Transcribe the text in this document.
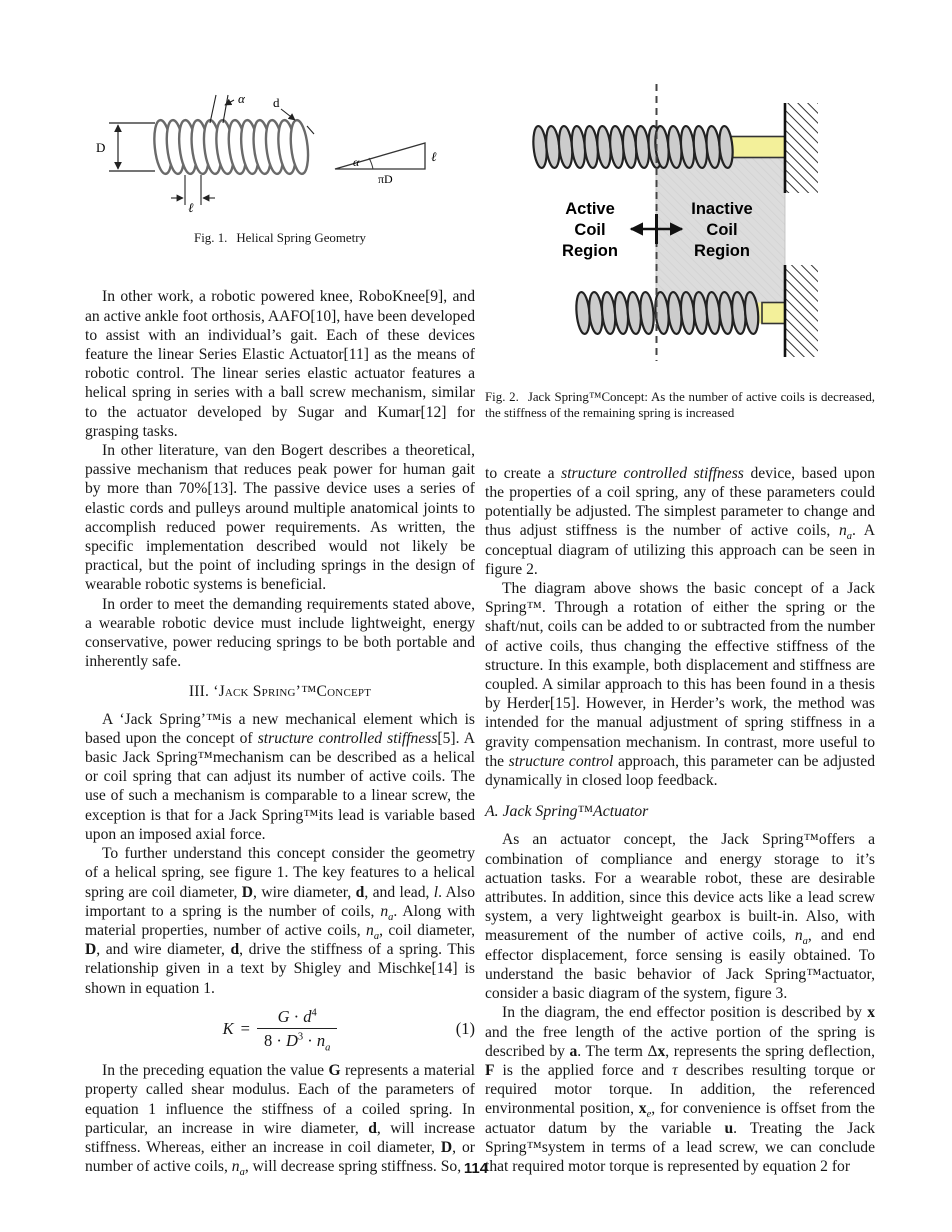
D
α d
ℓ
α
πD
ℓ

Fig. 1. Helical Spring Geometry

In other work, a robotic powered knee, RoboKnee[9], and an active ankle foot orthosis, AAFO[10], have been developed to assist with an individual’s gait. Each of these devices feature the linear Series Elastic Actuator[11] as the means of robotic control. The linear series elastic actuator features a helical spring in series with a ball screw mechanism, similar to the actuator developed by Sugar and Kumar[12] for grasping tasks.

In other literature, van den Bogert describes a theoretical, passive mechanism that reduces peak power for human gait by more than 70%[13]. The passive device uses a series of elastic cords and pulleys around multiple anatomical joints to accomplish reduced power requirements. As written, the specific implementation described would not likely be practical, but the point of including springs in the design of wearable robotic systems is beneficial.

In order to meet the demanding requirements stated above, a wearable robotic device must include lightweight, energy conservative, power reducing springs to be both portable and inherently safe.

III. ‘Jack Spring’™Concept

A ‘Jack Spring’™is a new mechanical element which is based upon the concept of structure controlled stiffness[5]. A basic Jack Spring™mechanism can be described as a helical or coil spring that can adjust its number of active coils. The use of such a mechanism is comparable to a linear screw, the exception is that for a Jack Spring™its lead is variable based upon an imposed axial force.

To further understand this concept consider the geometry of a helical spring, see figure 1. The key features to a helical spring are coil diameter, D, wire diameter, d, and lead, l. Also important to a spring is the number of coils, $n_a$. Along with material properties, number of active coils, $n_a$, coil diameter, D, and wire diameter, d, drive the stiffness of a spring. This relationship given in a text by Shigley and Mischke[14] is shown in equation 1.

$K = \frac{G \cdot d^4}{8 \cdot D^3 \cdot n_a}$	(1)

In the preceding equation the value G represents a material property called shear modulus. Each of the parameters of equation 1 influence the stiffness of a coiled spring. In particular, an increase in wire diameter, d, will increase stiffness. Whereas, either an increase in coil diameter, D, or number of active coils, $n_a$, will decrease spring stiffness. So,

Active
Coil
Region
Inactive
Coil
Region

Fig. 2. Jack Spring™Concept: As the number of active coils is decreased, the stiffness of the remaining spring is increased

to create a structure controlled stiffness device, based upon the properties of a coil spring, any of these parameters could potentially be adjusted. The simplest parameter to change and thus adjust stiffness is the number of active coils, $n_a$. A conceptual diagram of utilizing this approach can be seen in figure 2.

The diagram above shows the basic concept of a Jack Spring™. Through a rotation of either the spring or the shaft/nut, coils can be added to or subtracted from the number of active coils, thus changing the effective stiffness of the structure. In this example, both displacement and stiffness are coupled. A similar approach to this has been found in a thesis by Herder[15]. However, in Herder’s work, the method was intended for the manual adjustment of spring stiffness in a gravity compensation mechanism. In contrast, more useful to the structure control approach, this parameter can be adjusted dynamically in closed loop feedback.

A. Jack Spring™Actuator

As an actuator concept, the Jack Spring™offers a combination of compliance and energy storage to it’s actuation tasks. For a wearable robot, these are desirable attributes. In addition, since this device acts like a lead screw system, a very lightweight gearbox is built-in. Also, with measurement of the number of active coils, $n_a$, and end effector displacement, force sensing is easily obtained. To understand the basic behavior of Jack Spring™actuator, consider a basic diagram of the system, figure 3.

In the diagram, the end effector position is described by x and the free length of the active portion of the spring is described by a. The term Δx, represents the spring deflection, F is the applied force and τ describes resulting torque or required motor torque. In addition, the referenced environmental position, $x_e$, for convenience is offset from the actuator datum by the variable u. Treating the Jack Spring™system in terms of a lead screw, we can conclude that required motor torque is represented by equation 2 for

114
